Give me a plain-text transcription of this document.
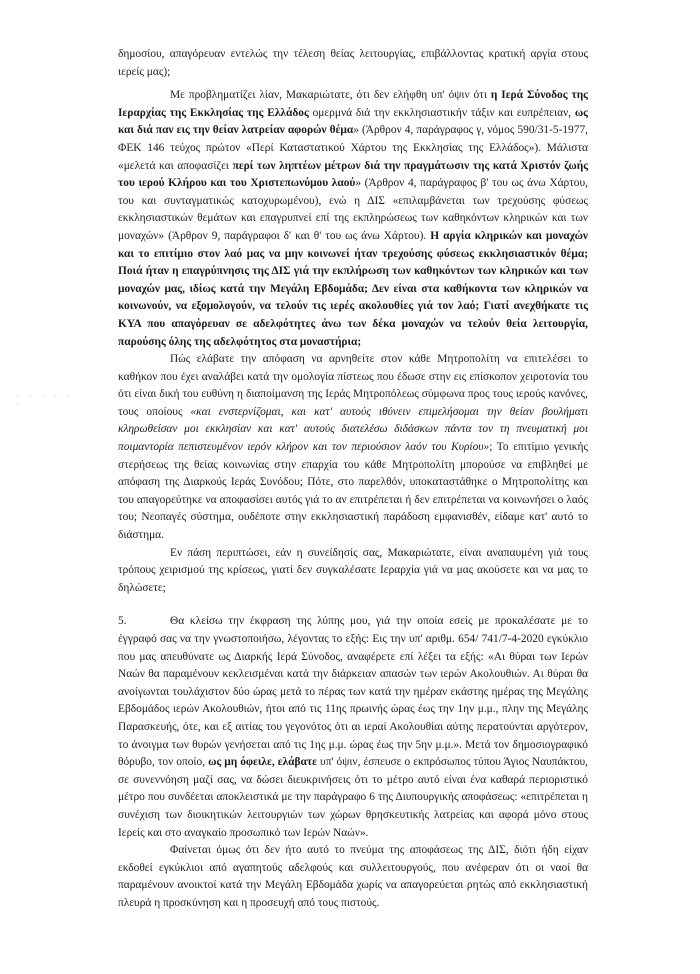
- - - - - -

δημοσίου, απαγόρευαν εντελώς την τέλεση θείας λειτουργίας, επιβάλλοντας κρατική αργία στους ιερείς μας);

Με προβληματίζει λίαν, Μακαριώτατε, ότι δεν ελήφθη υπ' όψιν ότι η Ιερά Σύνοδος της Ιεραρχίας της Εκκλησίας της Ελλάδος ομερμνά διά την εκκλησιαστικήν τάξιν και ευπρέπειαν, ως και διά παν εις την θείαν λατρείαν αφορών θέμα» (Άρθρον 4, παράγραφος γ, νόμος 590/31-5-1977, ΦΕΚ 146 τεύχος πρώτον «Περί Καταστατικού Χάρτου της Εκκλησίας της Ελλάδος»). Μάλιστα «μελετά και αποφασίζει περί των ληπτέων μέτρων διά την πραγμάτωσιν της κατά Χριστόν ζωής του ιερού Κλήρου και του Χριστεπωνύμου λαού» (Άρθρον 4, παράγραφος β' του ως άνω Χάρτου, του και συνταγματικώς κατοχυρωμένου), ενώ η ΔΙΣ «επιλαμβάνεται των τρεχούσης φύσεως εκκλησιαστικών θεμάτων και επαγρυπνεί επί της εκπληρώσεως των καθηκόντων κληρικών και των μοναχών» (Άρθρον 9, παράγραφοι δ' και θ' του ως άνω Χάρτου). Η αργία κληρικών και μοναχών και το επιτίμιο στον λαό μας να μην κοινωνεί ήταν τρεχούσης φύσεως εκκλησιαστικόν θέμα; Ποιά ήταν η επαγρύπνησις της ΔΙΣ γιά την εκπλήρωση των καθηκόντων των κληρικών και των μοναχών μας, ιδίως κατά την Μεγάλη Εβδομάδα; Δεν είναι στα καθήκοντα των κληρικών να κοινωνούν, να εξομολογούν, να τελούν τις ιερές ακολουθίες γιά τον λαό; Γιατί ανεχθήκατε τις ΚΥΑ που απαγόρευαν σε αδελφότητες άνω των δέκα μοναχών να τελούν θεία λειτουργία, παρούσης όλης της αδελφότητος στα μοναστήρια;

Πώς ελάβατε την απόφαση να αρνηθείτε στον κάθε Μητροπολίτη να επιτελέσει το καθήκον που έχει αναλάβει κατά την ομολογία πίστεως που έδωσε στην εις επίσκοπον χειροτονία του ότι είναι δική του ευθύνη η διαποίμανση της Ιεράς Μητροπόλεως σύμφωνα προς τους ιερούς κανόνες, τους οποίους «και ενστερνίζομαι, και κατ' αυτούς ιθύνειν επιμελήσομαι την θείαν βουλήματι κληρωθείσαν μοι εκκλησίαν και κατ' αυτούς διατελέσω διδάσκων πάντα τον τη πνευματική μοι ποιμαντορία πεπιστευμένον ιερόν κλήρον και τον περιούσιον λαόν του Κυρίου»; Το επιτίμιο γενικής στερήσεως της θείας κοινωνίας στην επαρχία του κάθε Μητροπολίτη μπορούσε να επιβληθεί με απόφαση της Διαρκούς Ιεράς Συνόδου; Πότε, στο παρελθόν, υποκαταστάθηκε ο Μητροπολίτης και του απαγορεύτηκε να αποφασίσει αυτός γιά το αν επιτρέπεται ή δεν επιτρέπεται να κοινωνήσει ο λαός του; Νεοπαγές σύστημα, ουδέποτε στην εκκλησιαστική παράδοση εμφανισθέν, είδαμε κατ' αυτό το διάστημα.

Εν πάση περιπτώσει, εάν η συνείδησίς σας, Μακαριώτατε, είναι αναπαυμένη γιά τους τρόπους χειρισμού της κρίσεως, γιατί δεν συγκαλέσατε Ιεραρχία γιά να μας ακούσετε και να μας το δηλώσετε;

5.	Θα κλείσω την έκφραση της λύπης μου, γιά την οποία εσείς με προκαλέσατε με το έγγραφό σας να την γνωστοποιήσω, λέγοντας το εξής: Εις την υπ' αριθμ. 654/ 741/7-4-2020 εγκύκλιο που μας απευθύνατε ως Διαρκής Ιερά Σύνοδος, αναφέρετε επί λέξει τα εξής: «Αι θύραι των Ιερών Ναών θα παραμένουν κεκλεισμέναι κατά την διάρκειαν απασών των ιερών Ακολουθιών. Αι θύραι θα ανοίγωνται τουλάχιστον δύο ώρας μετά το πέρας των κατά την ημέραν εκάστης ημέρας της Μεγάλης Εβδομάδος ιερών Ακολουθιών, ήτοι από τις 11ης πρωινής ώρας έως την 1ην μ.μ., πλην της Μεγάλης Παρασκευής, ότε, και εξ αιτίας του γεγονότος ότι αι ιεραί Ακολουθίαι αύτης περατούνται αργότερον, το άνοιγμα των θυρών γενήσεται από τις 1ης μ.μ. ώρας έως την 5ην μ.μ.». Μετά τον δημοσιογραφικό θόρυβο, τον οποίο, ως μη όφειλε, ελάβατε υπ' όψιν, έσπευσε ο εκπρόσωπος τύπου Άγιος Ναυπάκτου, σε συνεννόηση μαζί σας, να δώσει διευκρινήσεις ότι το μέτρο αυτό είναι ένα καθαρά περιοριστικό μέτρο που συνδέεται αποκλειστικά με την παράγραφο 6 της Διυπουργικής αποφάσεως: «επιτρέπεται η συνέχιση των διοικητικών λειτουργιών των χώρων θρησκευτικής λατρείας και αφορά μόνο στους Ιερείς και στο αναγκαίο προσωπικό των Ιερών Ναών».

Φαίνεται όμως ότι δεν ήτο αυτό το πνεύμα της αποφάσεως της ΔΙΣ, διότι ήδη είχαν εκδοθεί εγκύκλιοι από αγαπητούς αδελφούς και συλλειτουργούς, που ανέφεραν ότι οι ναοί θα παραμένουν ανοικτοί κατά την Μεγάλη Εβδομάδα χωρίς να απαγορεύεται ρητώς από εκκλησιαστική πλευρά η προσκύνηση και η προσευχή από τους πιστούς.
